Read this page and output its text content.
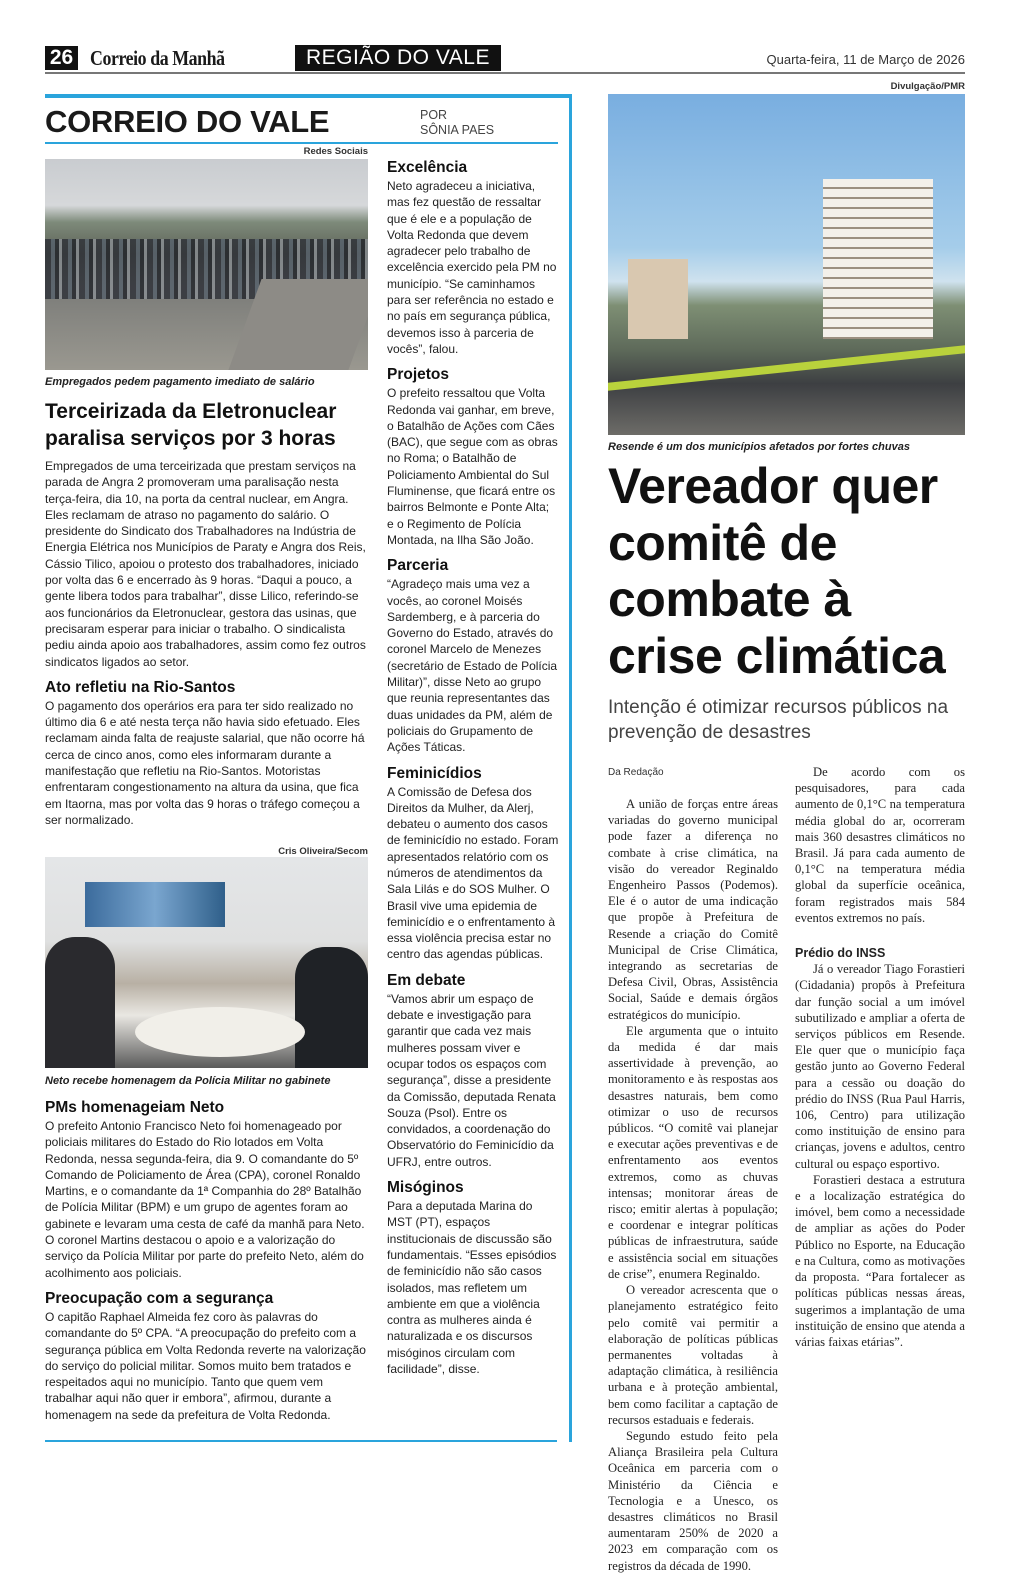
26 Correio da Manhã	REGIÃO DO VALE	Quarta-feira, 11 de Março de 2026
CORREIO DO VALE	POR
SÔNIA PAES
Redes Sociais
Empregados pedem pagamento imediato de salário
Terceirizada da Eletronuclear paralisa serviços por 3 horas

Empregados de uma terceirizada que prestam serviços na parada de Angra 2 promoveram uma paralisação nesta terça-feira, dia 10, na porta da central nuclear, em Angra. Eles reclamam de atraso no pagamento do salário. O presidente do Sindicato dos Trabalhadores na Indústria de Energia Elétrica nos Municípios de Paraty e Angra dos Reis, Cássio Tilico, apoiou o protesto dos trabalhadores, iniciado por volta das 6 e encerrado às 9 horas. “Daqui a pouco, a gente libera todos para trabalhar”, disse Lilico, referindo-se aos funcionários da Eletronuclear, gestora das usinas, que precisaram esperar para iniciar o trabalho. O sindicalista pediu ainda apoio aos trabalhadores, assim como fez outros sindicatos ligados ao setor.

Ato refletiu na Rio-Santos

O pagamento dos operários era para ter sido realizado no último dia 6 e até nesta terça não havia sido efetuado. Eles reclamam ainda falta de reajuste salarial, que não ocorre há cerca de cinco anos, como eles informaram durante a manifestação que refletiu na Rio-Santos. Motoristas enfrentaram congestionamento na altura da usina, que fica em Itaorna, mas por volta das 9 horas o tráfego começou a ser normalizado.

Cris Oliveira/Secom
Neto recebe homenagem da Polícia Militar no gabinete
PMs homenageiam Neto

O prefeito Antonio Francisco Neto foi homenageado por policiais militares do Estado do Rio lotados em Volta Redonda, nessa segunda-feira, dia 9. O comandante do 5º Comando de Policiamento de Área (CPA), coronel Ronaldo Martins, e o comandante da 1ª Companhia do 28º Batalhão de Polícia Militar (BPM) e um grupo de agentes foram ao gabinete e levaram uma cesta de café da manhã para Neto. O coronel Martins destacou o apoio e a valorização do serviço da Polícia Militar por parte do prefeito Neto, além do acolhimento aos policiais.

Preocupação com a segurança

O capitão Raphael Almeida fez coro às palavras do comandante do 5º CPA. “A preocupação do prefeito com a segurança pública em Volta Redonda reverte na valorização do serviço do policial militar. Somos muito bem tratados e respeitados aqui no município. Tanto que quem vem trabalhar aqui não quer ir embora”, afirmou, durante a homenagem na sede da prefeitura de Volta Redonda.

Excelência

Neto agradeceu a iniciativa, mas fez questão de ressaltar que é ele e a população de Volta Redonda que devem agradecer pelo trabalho de excelência exercido pela PM no município. “Se caminhamos para ser referência no estado e no país em segurança pública, devemos isso à parceria de vocês”, falou.

Projetos

O prefeito ressaltou que Volta Redonda vai ganhar, em breve, o Batalhão de Ações com Cães (BAC), que segue com as obras no Roma; o Batalhão de Policiamento Ambiental do Sul Fluminense, que ficará entre os bairros Belmonte e Ponte Alta; e o Regimento de Polícia Montada, na Ilha São João.

Parceria

“Agradeço mais uma vez a vocês, ao coronel Moisés Sardemberg, e à parceria do Governo do Estado, através do coronel Marcelo de Menezes (secretário de Estado de Polícia Militar)”, disse Neto ao grupo que reunia representantes das duas unidades da PM, além de policiais do Grupamento de Ações Táticas.

Feminicídios

A Comissão de Defesa dos Direitos da Mulher, da Alerj, debateu o aumento dos casos de feminicídio no estado. Foram apresentados relatório com os números de atendimentos da Sala Lilás e do SOS Mulher. O Brasil vive uma epidemia de feminicídio e o enfrentamento à essa violência precisa estar no centro das agendas públicas.

Em debate

“Vamos abrir um espaço de debate e investigação para garantir que cada vez mais mulheres possam viver e ocupar todos os espaços com segurança”, disse a presidente da Comissão, deputada Renata Souza (Psol). Entre os convidados, a coordenação do Observatório do Feminicídio da UFRJ, entre outros.

Misóginos

Para a deputada Marina do MST (PT), espaços institucionais de discussão são fundamentais. “Esses episódios de feminicídio não são casos isolados, mas refletem um ambiente em que a violência contra as mulheres ainda é naturalizada e os discursos misóginos circulam com facilidade”, disse.

Divulgação/PMR
Resende é um dos municípios afetados por fortes chuvas
Vereador quer
comitê de
combate à
crise climática
Intenção é otimizar recursos públicos na prevenção de desastres
Da Redação

A união de forças entre áreas variadas do governo municipal pode fazer a diferença no combate à crise climática, na visão do vereador Reginaldo Engenheiro Passos (Podemos). Ele é o autor de uma indicação que propõe à Prefeitura de Resende a criação do Comitê Municipal de Crise Climática, integrando as secretarias de Defesa Civil, Obras, Assistência Social, Saúde e demais órgãos estratégicos do município.

Ele argumenta que o intuito da medida é dar mais assertividade à prevenção, ao monitoramento e às respostas aos desastres naturais, bem como otimizar o uso de recursos públicos. “O comitê vai planejar e executar ações preventivas e de enfrentamento aos eventos extremos, como as chuvas intensas; monitorar áreas de risco; emitir alertas à população; e coordenar e integrar políticas públicas de infraestrutura, saúde e assistência social em situações de crise”, enumera Reginaldo.

O vereador acrescenta que o planejamento estratégico feito pelo comitê vai permitir a elaboração de políticas públicas permanentes voltadas à adaptação climática, à resiliência urbana e à proteção ambiental, bem como facilitar a captação de recursos estaduais e federais.

Segundo estudo feito pela Aliança Brasileira pela Cultura Oceânica em parceria com o Ministério da Ciência e Tecnologia e a Unesco, os desastres climáticos no Brasil aumentaram 250% de 2020 a 2023 em comparação com os registros da década de 1990.

De acordo com os pesquisadores, para cada aumento de 0,1°C na temperatura média global do ar, ocorreram mais 360 desastres climáticos no Brasil. Já para cada aumento de 0,1°C na temperatura média global da superfície oceânica, foram registrados mais 584 eventos extremos no país.

Prédio do INSS

Já o vereador Tiago Forastieri (Cidadania) propôs à Prefeitura dar função social a um imóvel subutilizado e ampliar a oferta de serviços públicos em Resende. Ele quer que o município faça gestão junto ao Governo Federal para a cessão ou doação do prédio do INSS (Rua Paul Harris, 106, Centro) para utilização como instituição de ensino para crianças, jovens e adultos, centro cultural ou espaço esportivo.

Forastieri destaca a estrutura e a localização estratégica do imóvel, bem como a necessidade de ampliar as ações do Poder Público no Esporte, na Educação e na Cultura, como as motivações da proposta. “Para fortalecer as políticas públicas nessas áreas, sugerimos a implantação de uma instituição de ensino que atenda a várias faixas etárias”.
